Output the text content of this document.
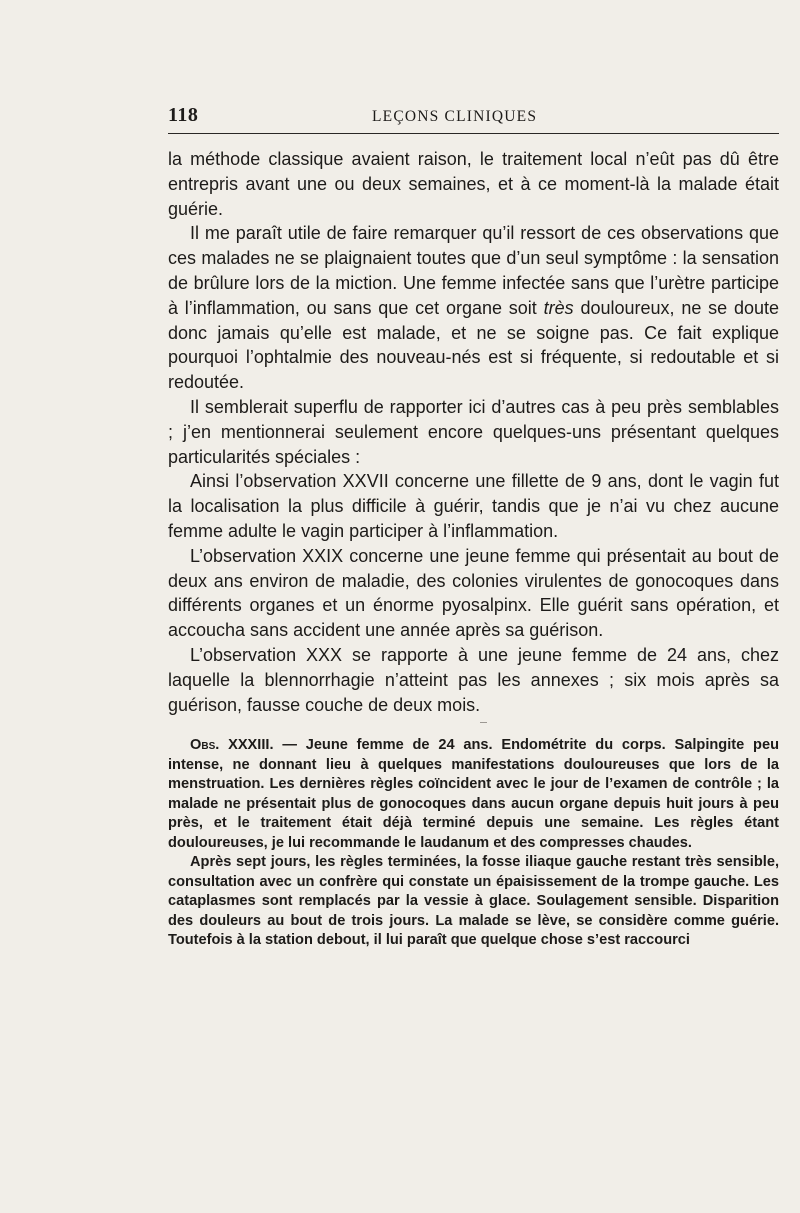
118	LEÇONS CLINIQUES

la méthode classique avaient raison, le traitement local n’eût pas dû être entrepris avant une ou deux semaines, et à ce moment-là la malade était guérie.

Il me paraît utile de faire remarquer qu’il ressort de ces observations que ces malades ne se plaignaient toutes que d’un seul symptôme : la sensation de brûlure lors de la miction. Une femme infectée sans que l’urètre participe à l’inflammation, ou sans que cet organe soit très douloureux, ne se doute donc jamais qu’elle est malade, et ne se soigne pas. Ce fait explique pourquoi l’ophtalmie des nouveau-nés est si fréquente, si redoutable et si redoutée.

Il semblerait superflu de rapporter ici d’autres cas à peu près semblables ; j’en mentionnerai seulement encore quelques-uns présentant quelques particularités spéciales :

Ainsi l’observation XXVII concerne une fillette de 9 ans, dont le vagin fut la localisation la plus difficile à guérir, tandis que je n’ai vu chez aucune femme adulte le vagin participer à l’inflammation.

L’observation XXIX concerne une jeune femme qui présentait au bout de deux ans environ de maladie, des colonies virulentes de gonocoques dans différents organes et un énorme pyosalpinx. Elle guérit sans opération, et accoucha sans accident une année après sa guérison.

L’observation XXX se rapporte à une jeune femme de 24 ans, chez laquelle la blennorrhagie n’atteint pas les annexes ; six mois après sa guérison, fausse couche de deux mois.

Obs. XXXIII. — Jeune femme de 24 ans. Endométrite du corps. Salpingite peu intense, ne donnant lieu à quelques manifestations douloureuses que lors de la menstruation. Les dernières règles coïncident avec le jour de l’examen de contrôle ; la malade ne présentait plus de gonocoques dans aucun organe depuis huit jours à peu près, et le traitement était déjà terminé depuis une semaine. Les règles étant douloureuses, je lui recommande le laudanum et des compresses chaudes.

Après sept jours, les règles terminées, la fosse iliaque gauche restant très sensible, consultation avec un confrère qui constate un épaisissement de la trompe gauche. Les cataplasmes sont remplacés par la vessie à glace. Soulagement sensible. Disparition des douleurs au bout de trois jours. La malade se lève, se considère comme guérie. Toutefois à la station debout, il lui paraît que quelque chose s’est raccourci
